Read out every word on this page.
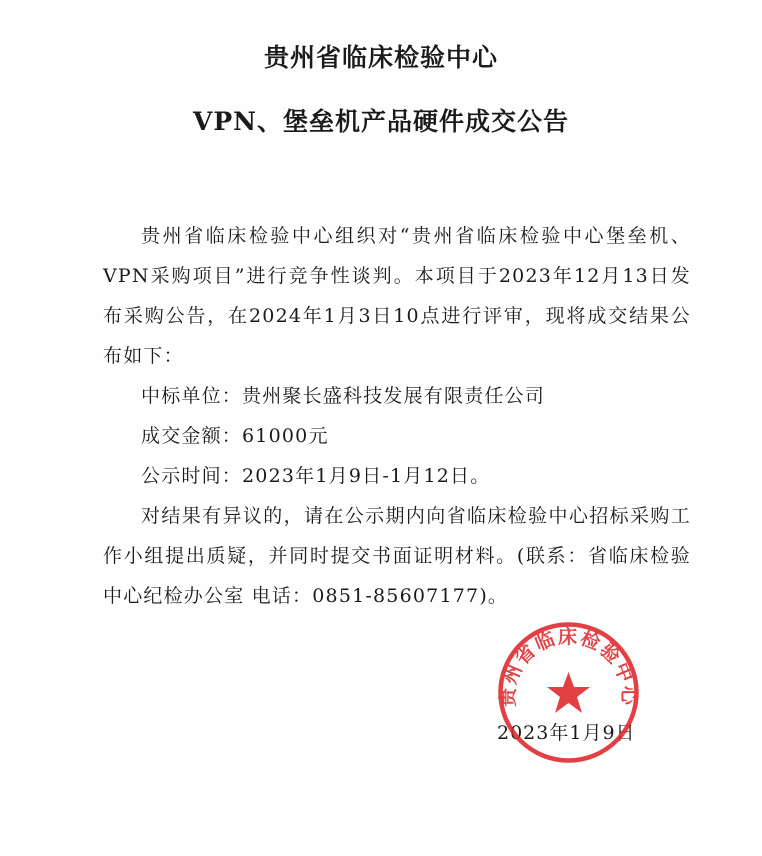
贵州省临床检验中心
VPN、堡垒机产品硬件成交公告

贵州省临床检验中心组织对“贵州省临床检验中心堡垒机、VPN采购项目”进行竞争性谈判。本项目于2023年12月13日发布采购公告，在2024年1月3日10点进行评审，现将成交结果公布如下：

中标单位：贵州聚长盛科技发展有限责任公司

成交金额：61000元

公示时间：2023年1月9日-1月12日。

对结果有异议的，请在公示期内向省临床检验中心招标采购工作小组提出质疑，并同时提交书面证明材料。(联系：省临床检验中心纪检办公室 电话：0851-85607177)。

2023年1月9日
贵州省临床检验中心
